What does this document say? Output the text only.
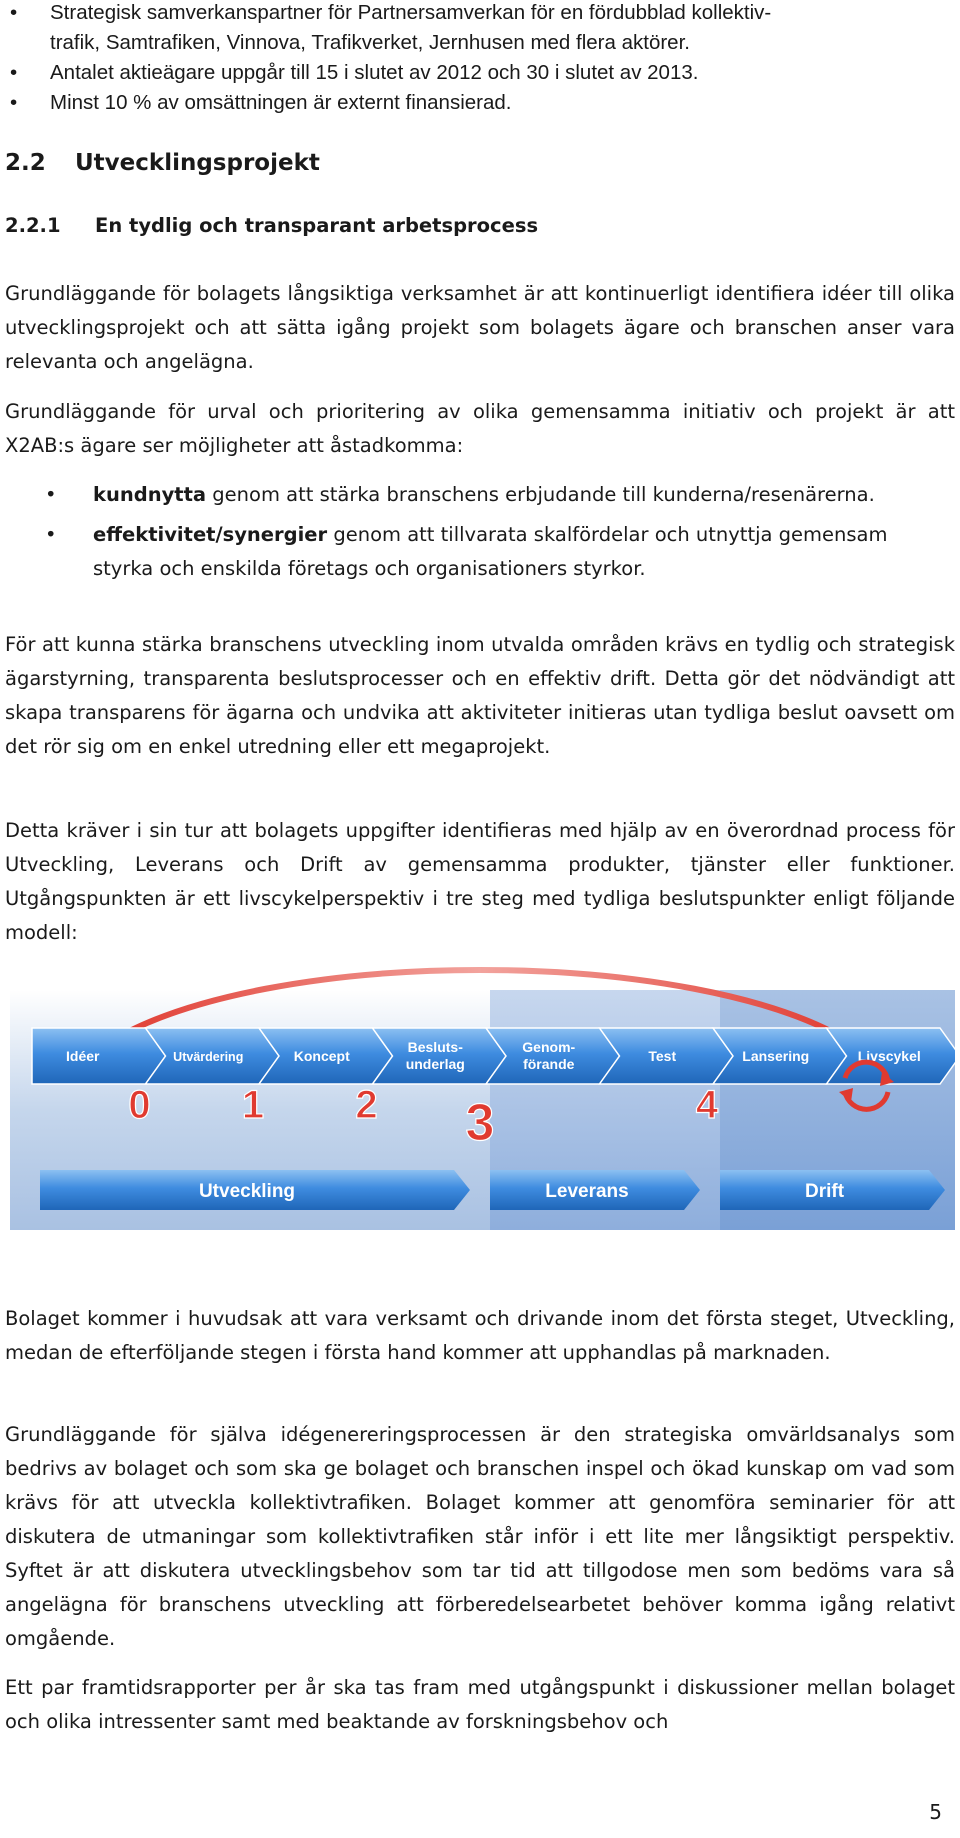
• Strategisk samverkanspartner för Partnersamverkan för en fördubblad kollektiv-
trafik, Samtrafiken, Vinnova, Trafikverket, Jernhusen med flera aktörer.
• Antalet aktieägare uppgår till 15 i slutet av 2012 och 30 i slutet av 2013.
• Minst 10 % av omsättningen är externt finansierad.
2.2 Utvecklingsprojekt
2.2.1 En tydlig och transparant arbetsprocess

Grundläggande för bolagets långsiktiga verksamhet är att kontinuerligt identifiera idéer till olika utvecklingsprojekt och att sätta igång projekt som bolagets ägare och branschen anser vara relevanta och angelägna.

Grundläggande för urval och prioritering av olika gemensamma initiativ och projekt är att X2AB:s ägare ser möjligheter att åstadkomma:

• kundnytta genom att stärka branschens erbjudande till kunderna/resenärerna.
• effektivitet/synergier genom att tillvarata skalfördelar och utnyttja gemensam styrka och enskilda företags och organisationers styrkor.

För att kunna stärka branschens utveckling inom utvalda områden krävs en tydlig och strategisk ägarstyrning, transparenta beslutsprocesser och en effektiv drift. Detta gör det nödvändigt att skapa transparens för ägarna och undvika att aktiviteter initieras utan tydliga beslut oavsett om det rör sig om en enkel utredning eller ett megaprojekt.

Detta kräver i sin tur att bolagets uppgifter identifieras med hjälp av en överordnad process för Utveckling, Leverans och Drift av gemensamma produkter, tjänster eller funktioner. Utgångspunkten är ett livscykelperspektiv i tre steg med tydliga beslutspunkter enligt följande modell:

Idéer	Utvärdering	Koncept
Besluts-
underlag
Genom-
förande	Test	Lansering	Livscykel
0 1 2 3	4
Utveckling	Leverans	Drift

Bolaget kommer i huvudsak att vara verksamt och drivande inom det första steget, Utveckling, medan de efterföljande stegen i första hand kommer att upphandlas på marknaden.

Grundläggande för själva idégenereringsprocessen är den strategiska omvärldsanalys som bedrivs av bolaget och som ska ge bolaget och branschen inspel och ökad kunskap om vad som krävs för att utveckla kollektivtrafiken. Bolaget kommer att genomföra seminarier för att diskutera de utmaningar som kollektivtrafiken står inför i ett lite mer långsiktigt perspektiv. Syftet är att diskutera utvecklingsbehov som tar tid att tillgodose men som bedöms vara så angelägna för branschens utveckling att förberedelsearbetet behöver komma igång relativt omgående.

Ett par framtidsrapporter per år ska tas fram med utgångspunkt i diskussioner mellan bolaget och olika intressenter samt med beaktande av forskningsbehov och

5
